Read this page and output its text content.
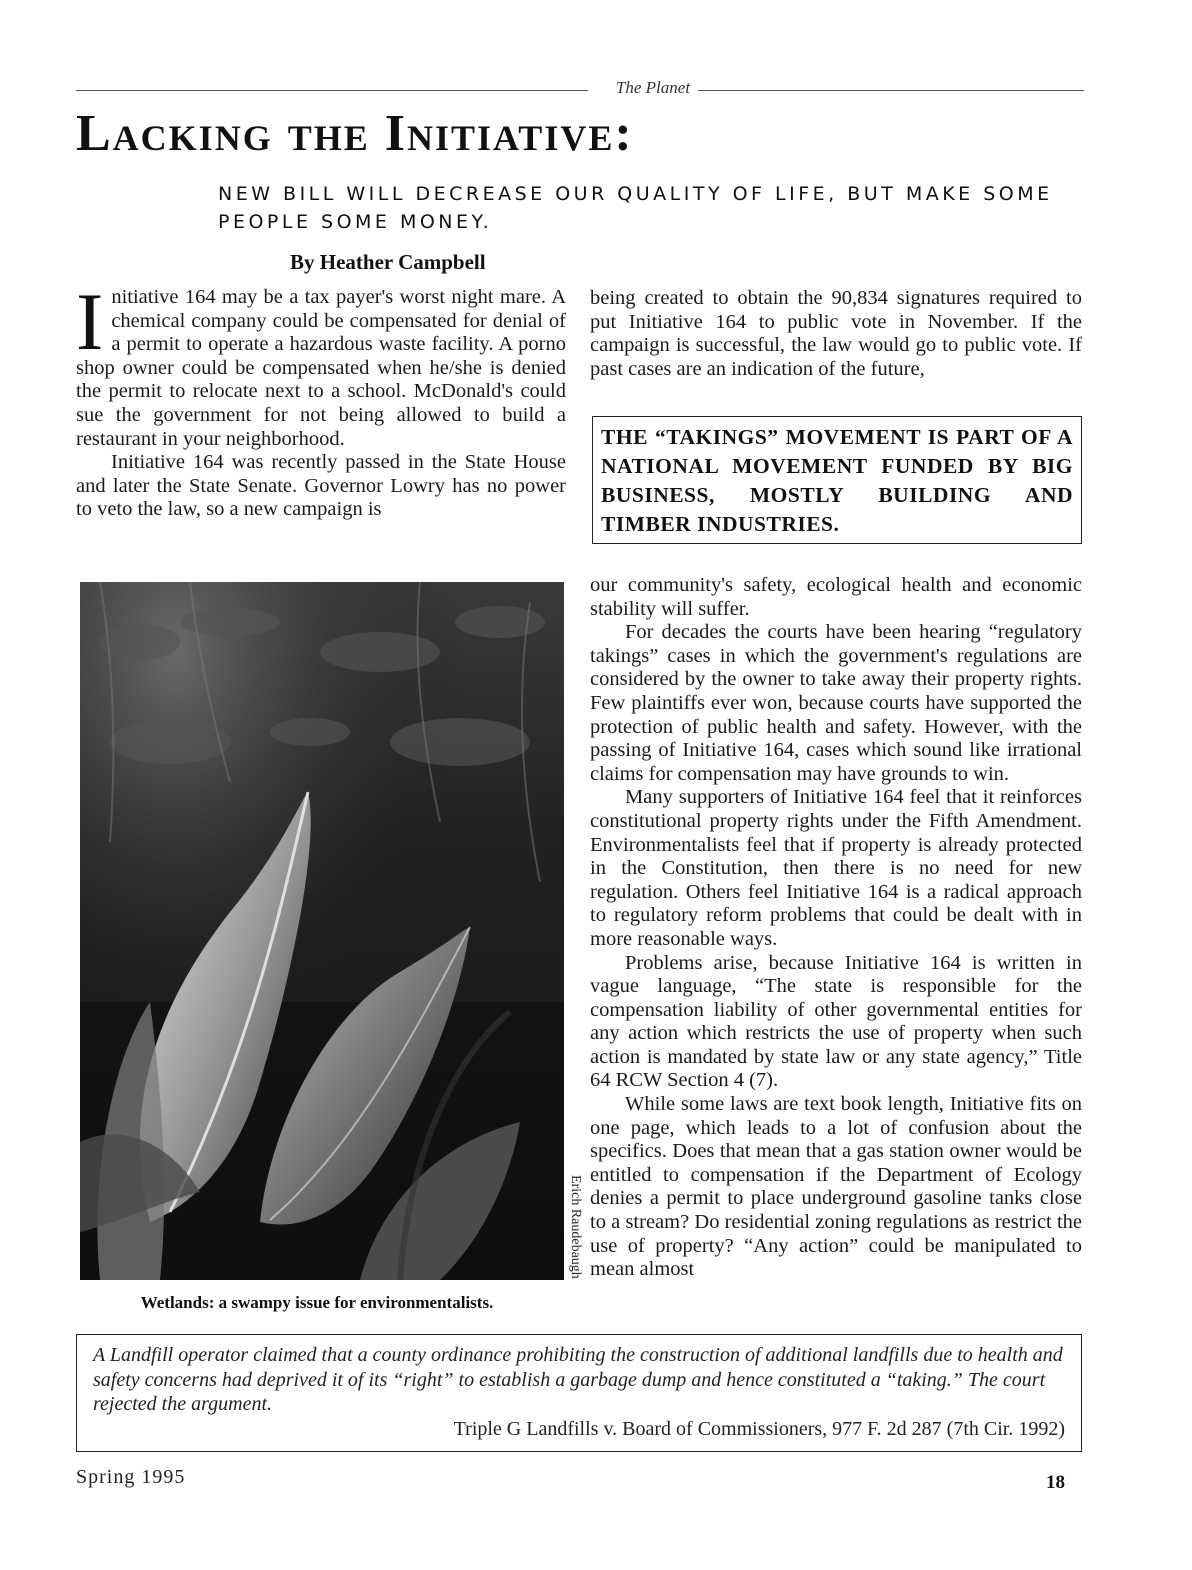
The Planet
Lacking the Initiative:
NEW BILL WILL DECREASE OUR QUALITY OF LIFE, BUT MAKE SOME PEOPLE SOME MONEY.
By Heather Campbell

Initiative 164 may be a tax payer's worst night mare. A chemical company could be compensated for denial of a permit to operate a hazardous waste facility. A porno shop owner could be compensated when he/she is denied the permit to relocate next to a school. McDonald's could sue the government for not being allowed to build a restaurant in your neighborhood.

Initiative 164 was recently passed in the State House and later the State Senate. Governor Lowry has no power to veto the law, so a new campaign is

being created to obtain the 90,834 signatures required to put Initiative 164 to public vote in November. If the campaign is successful, the law would go to public vote. If past cases are an indication of the future,

THE “TAKINGS” MOVEMENT IS PART OF A NATIONAL MOVEMENT FUNDED BY BIG BUSINESS, MOSTLY BUILDING AND TIMBER INDUSTRIES.
Erich Raudebaugh
Wetlands: a swampy issue for environmentalists.

our community's safety, ecological health and economic stability will suffer.

For decades the courts have been hearing “regulatory takings” cases in which the government's regulations are considered by the owner to take away their property rights. Few plaintiffs ever won, because courts have supported the protection of public health and safety. However, with the passing of Initiative 164, cases which sound like irrational claims for compensation may have grounds to win.

Many supporters of Initiative 164 feel that it reinforces constitutional property rights under the Fifth Amendment. Environmentalists feel that if property is already protected in the Constitution, then there is no need for new regulation. Others feel Initiative 164 is a radical approach to regulatory reform problems that could be dealt with in more reasonable ways.

Problems arise, because Initiative 164 is written in vague language, “The state is responsible for the compensation liability of other governmental entities for any action which restricts the use of property when such action is mandated by state law or any state agency,” Title 64 RCW Section 4 (7).

While some laws are text book length, Initiative fits on one page, which leads to a lot of confusion about the specifics. Does that mean that a gas station owner would be entitled to compensation if the Department of Ecology denies a permit to place underground gasoline tanks close to a stream? Do residential zoning regulations as restrict the use of property? “Any action” could be manipulated to mean almost

A Landfill operator claimed that a county ordinance prohibiting the construction of additional landfills due to health and safety concerns had deprived it of its “right” to establish a garbage dump and hence constituted a “taking.” The court rejected the argument.
Triple G Landfills v. Board of Commissioners, 977 F. 2d 287 (7th Cir. 1992)
Spring 1995	18
